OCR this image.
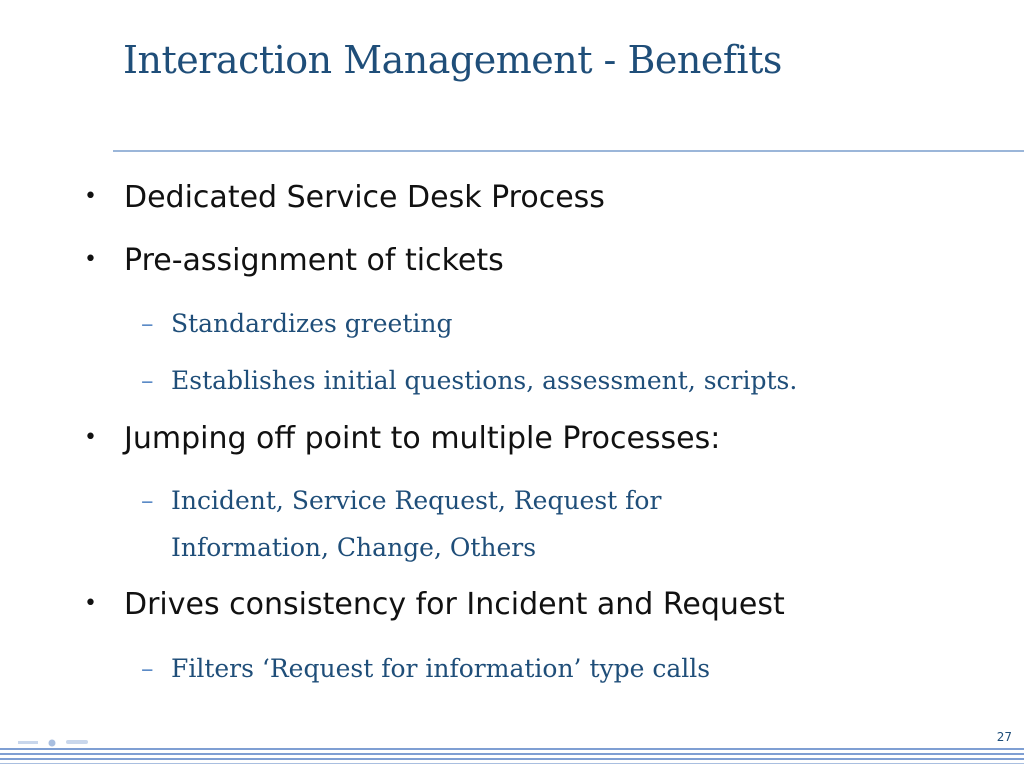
Interaction Management - Benefits
• Dedicated Service Desk Process
• Pre-assignment of tickets
– Standardizes greeting
– Establishes initial questions, assessment, scripts.
• Jumping off point to multiple Processes:
– Incident, Service Request, Request for Information, Change, Others
• Drives consistency for Incident and Request
– Filters ‘Request for information’ type calls
27
